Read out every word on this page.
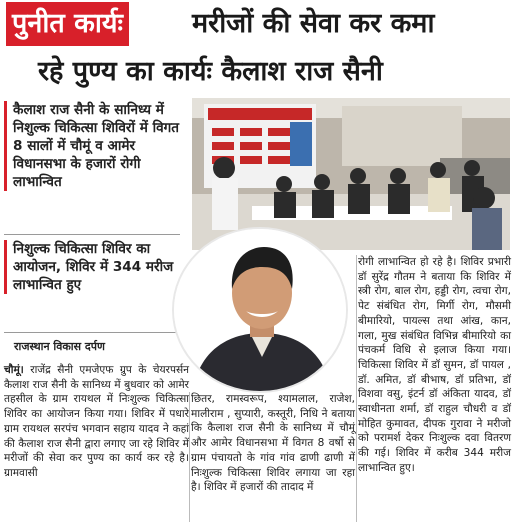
पुनीत कार्यः	मरीजों की सेवा कर कमा
रहे पुण्य का कार्यः कैलाश राज सैनी
कैलाश राज सैनी के सानिध्य में निशुल्क चिकित्सा शिविरों में विगत 8 सालों में चौमूं व आमेर विधानसभा के हजारों रोगी लाभान्वित
निशुल्क चिकित्सा शिविर का आयोजन, शिविर में 344 मरीज लाभान्वित हुए
राजस्थान विकास दर्पण
चौमूं। राजेंद्र सैनी एमजेएफ ग्रुप के चेयरपर्सन कैलाश राज सैनी के सानिध्य में बुधवार को आमेर तहसील के ग्राम रायथल में निःशुल्क चिकित्सा शिविर का आयोजन किया गया। शिविर में पधारे ग्राम रायथल सरपंच भगवान सहाय यादव ने कहां की कैलाश राज सैनी द्वारा लगाए जा रहे शिविर में मरीजों की सेवा कर पुण्य का कार्य कर रहे है। ग्रामवासी
छितर, रामस्वरूप, श्यामलाल, राजेश, मालीराम , सुप्यारी, कस्तूरी, निधि ने बताया कि कैलाश राज सैनी के सानिध्य में चौमूं और आमेर विधानसभा में विगत 8 वर्षो से ग्राम पंचायतो के गांव गांव ढाणी ढाणी में निःशुल्क चिकित्सा शिविर लगाया जा रहा है। शिविर में हजारों की तादाद में
रोगी लाभान्वित हो रहे है। शिविर प्रभारी डॉ सुरेंद्र गौतम ने बताया कि शिविर में स्त्री रोग, बाल रोग, हड्डी रोग, त्वचा रोग, पेट संबंधित रोग, मिर्गी रोग, मौसमी बीमारियो, पायल्स तथा आंख, कान, गला, मुख संबंधित विभिन्न बीमारियो का पंचकर्म विधि से इलाज किया गया। चिकित्सा शिविर में डॉ सुमन, डॉ पायल , डॉ. अमित, डॉ बीभाष, डॉ प्रतिभा, डॉ विशवा वसु, इंटर्न डॉ अंकिता यादव, डॉ स्वाधीनता शर्मा, डॉ राहुल चौधरी व डॉ मोहित कुमावत, दीपक गुरावा ने मरीजो को परामर्श देकर निःशुल्क दवा वितरण की गई। शिविर में करीब 344 मरीज लाभान्वित हुए।
